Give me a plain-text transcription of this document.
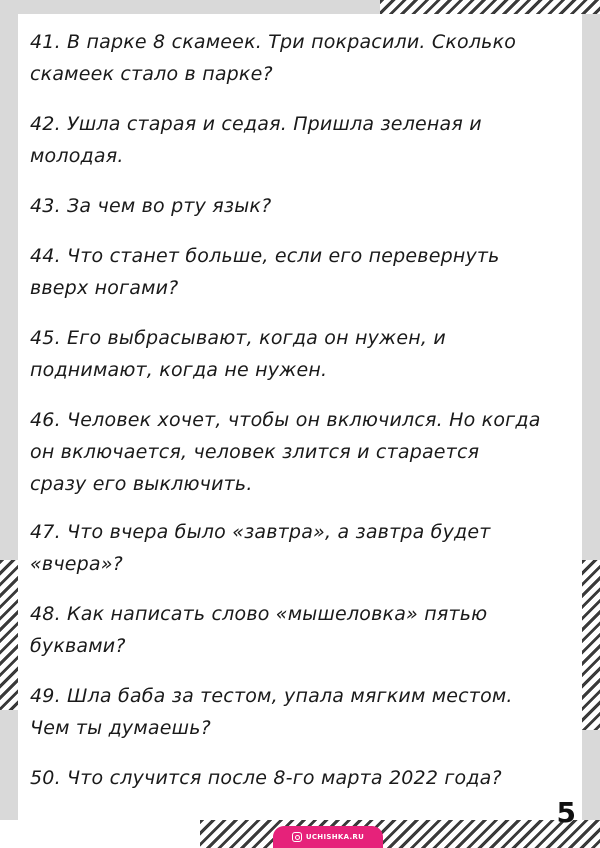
41. В парке 8 скамеек. Три покрасили. Сколько
скамеек стало в парке?
42. Ушла старая и седая. Пришла зеленая и
молодая.
43. За чем во рту язык?
44. Что станет больше, если его перевернуть
вверх ногами?
45. Его выбрасывают, когда он нужен, и
поднимают, когда не нужен.
46. Человек хочет, чтобы он включился. Но когда
он включается, человек злится и старается
сразу его выключить.
47. Что вчера было «завтра», а завтра будет
«вчера»?
48. Как написать слово «мышеловка» пятью
буквами?
49. Шла баба за тестом, упала мягким местом.
Чем ты думаешь?
50. Что случится после 8-го марта 2022 года?
5
UCHISHKA.RU
